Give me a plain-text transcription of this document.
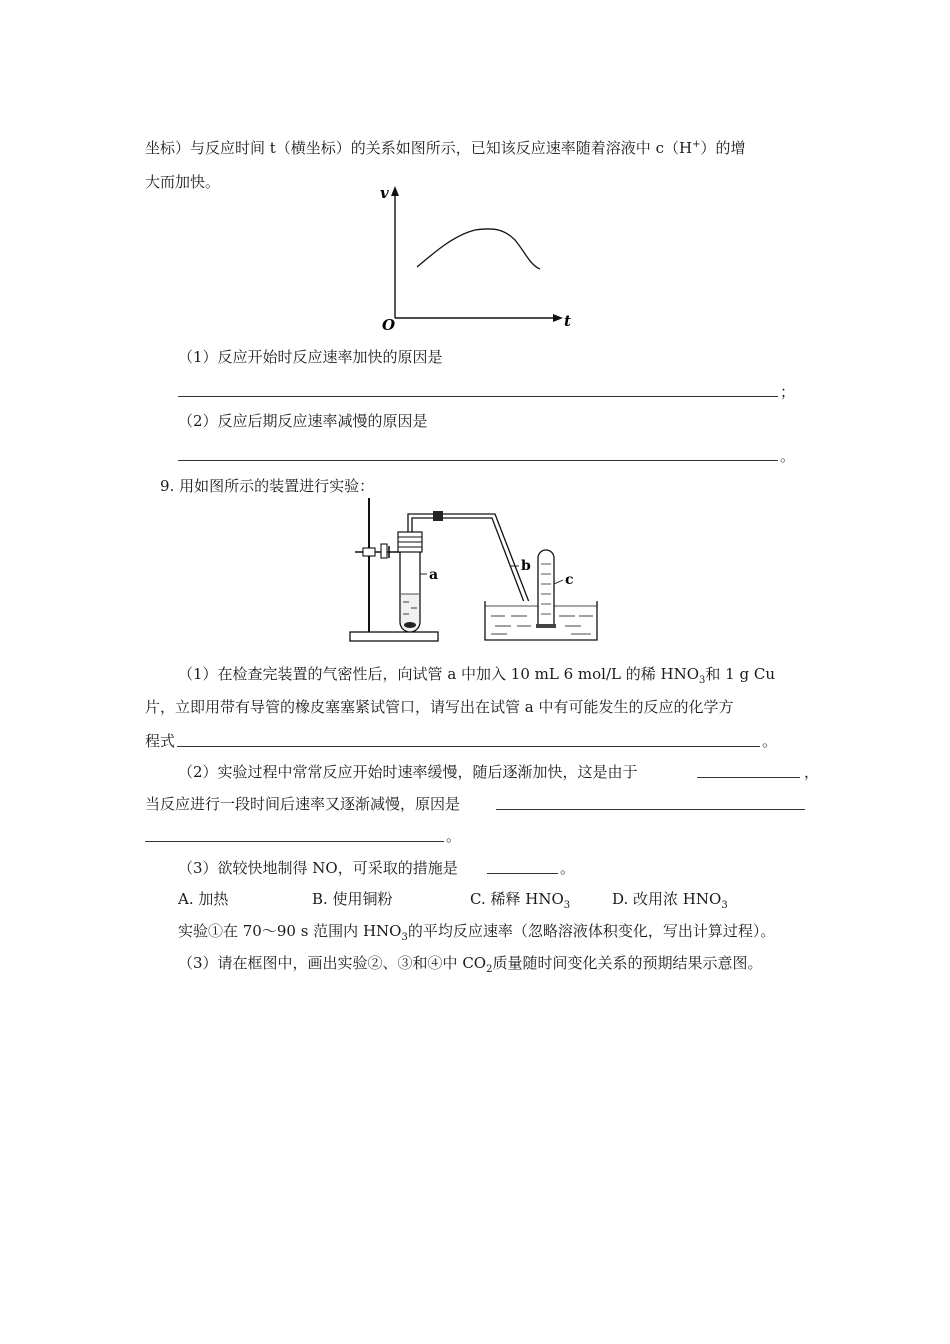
坐标）与反应时间 t（横坐标）的关系如图所示，已知该反应速率随着溶液中 c（H+）的增
大而加快。
v
t
O
（1）反应开始时反应速率加快的原因是
；
（2）反应后期反应速率减慢的原因是
。
9. 用如图所示的装置进行实验：
a
b
c
（1）在检查完装置的气密性后，向试管 a 中加入 10 mL 6 mol/L 的稀 $HNO_3$和 1 g Cu
片，立即用带有导管的橡皮塞塞紧试管口，请写出在试管 a 中有可能发生的反应的化学方
程式	。
（2）实验过程中常常反应开始时速率缓慢，随后逐渐加快，这是由于	，
当反应进行一段时间后速率又逐渐减慢，原因是
。
（3）欲较快地制得 NO，可采取的措施是	。
A. 加热	B. 使用铜粉	C. 稀释 $HNO_3$	D. 改用浓 $HNO_3$
实验①在 70～90 s 范围内 $HNO_3$的平均反应速率（忽略溶液体积变化，写出计算过程）。
（3）请在框图中，画出实验②、③和④中 $CO_2$质量随时间变化关系的预期结果示意图。
